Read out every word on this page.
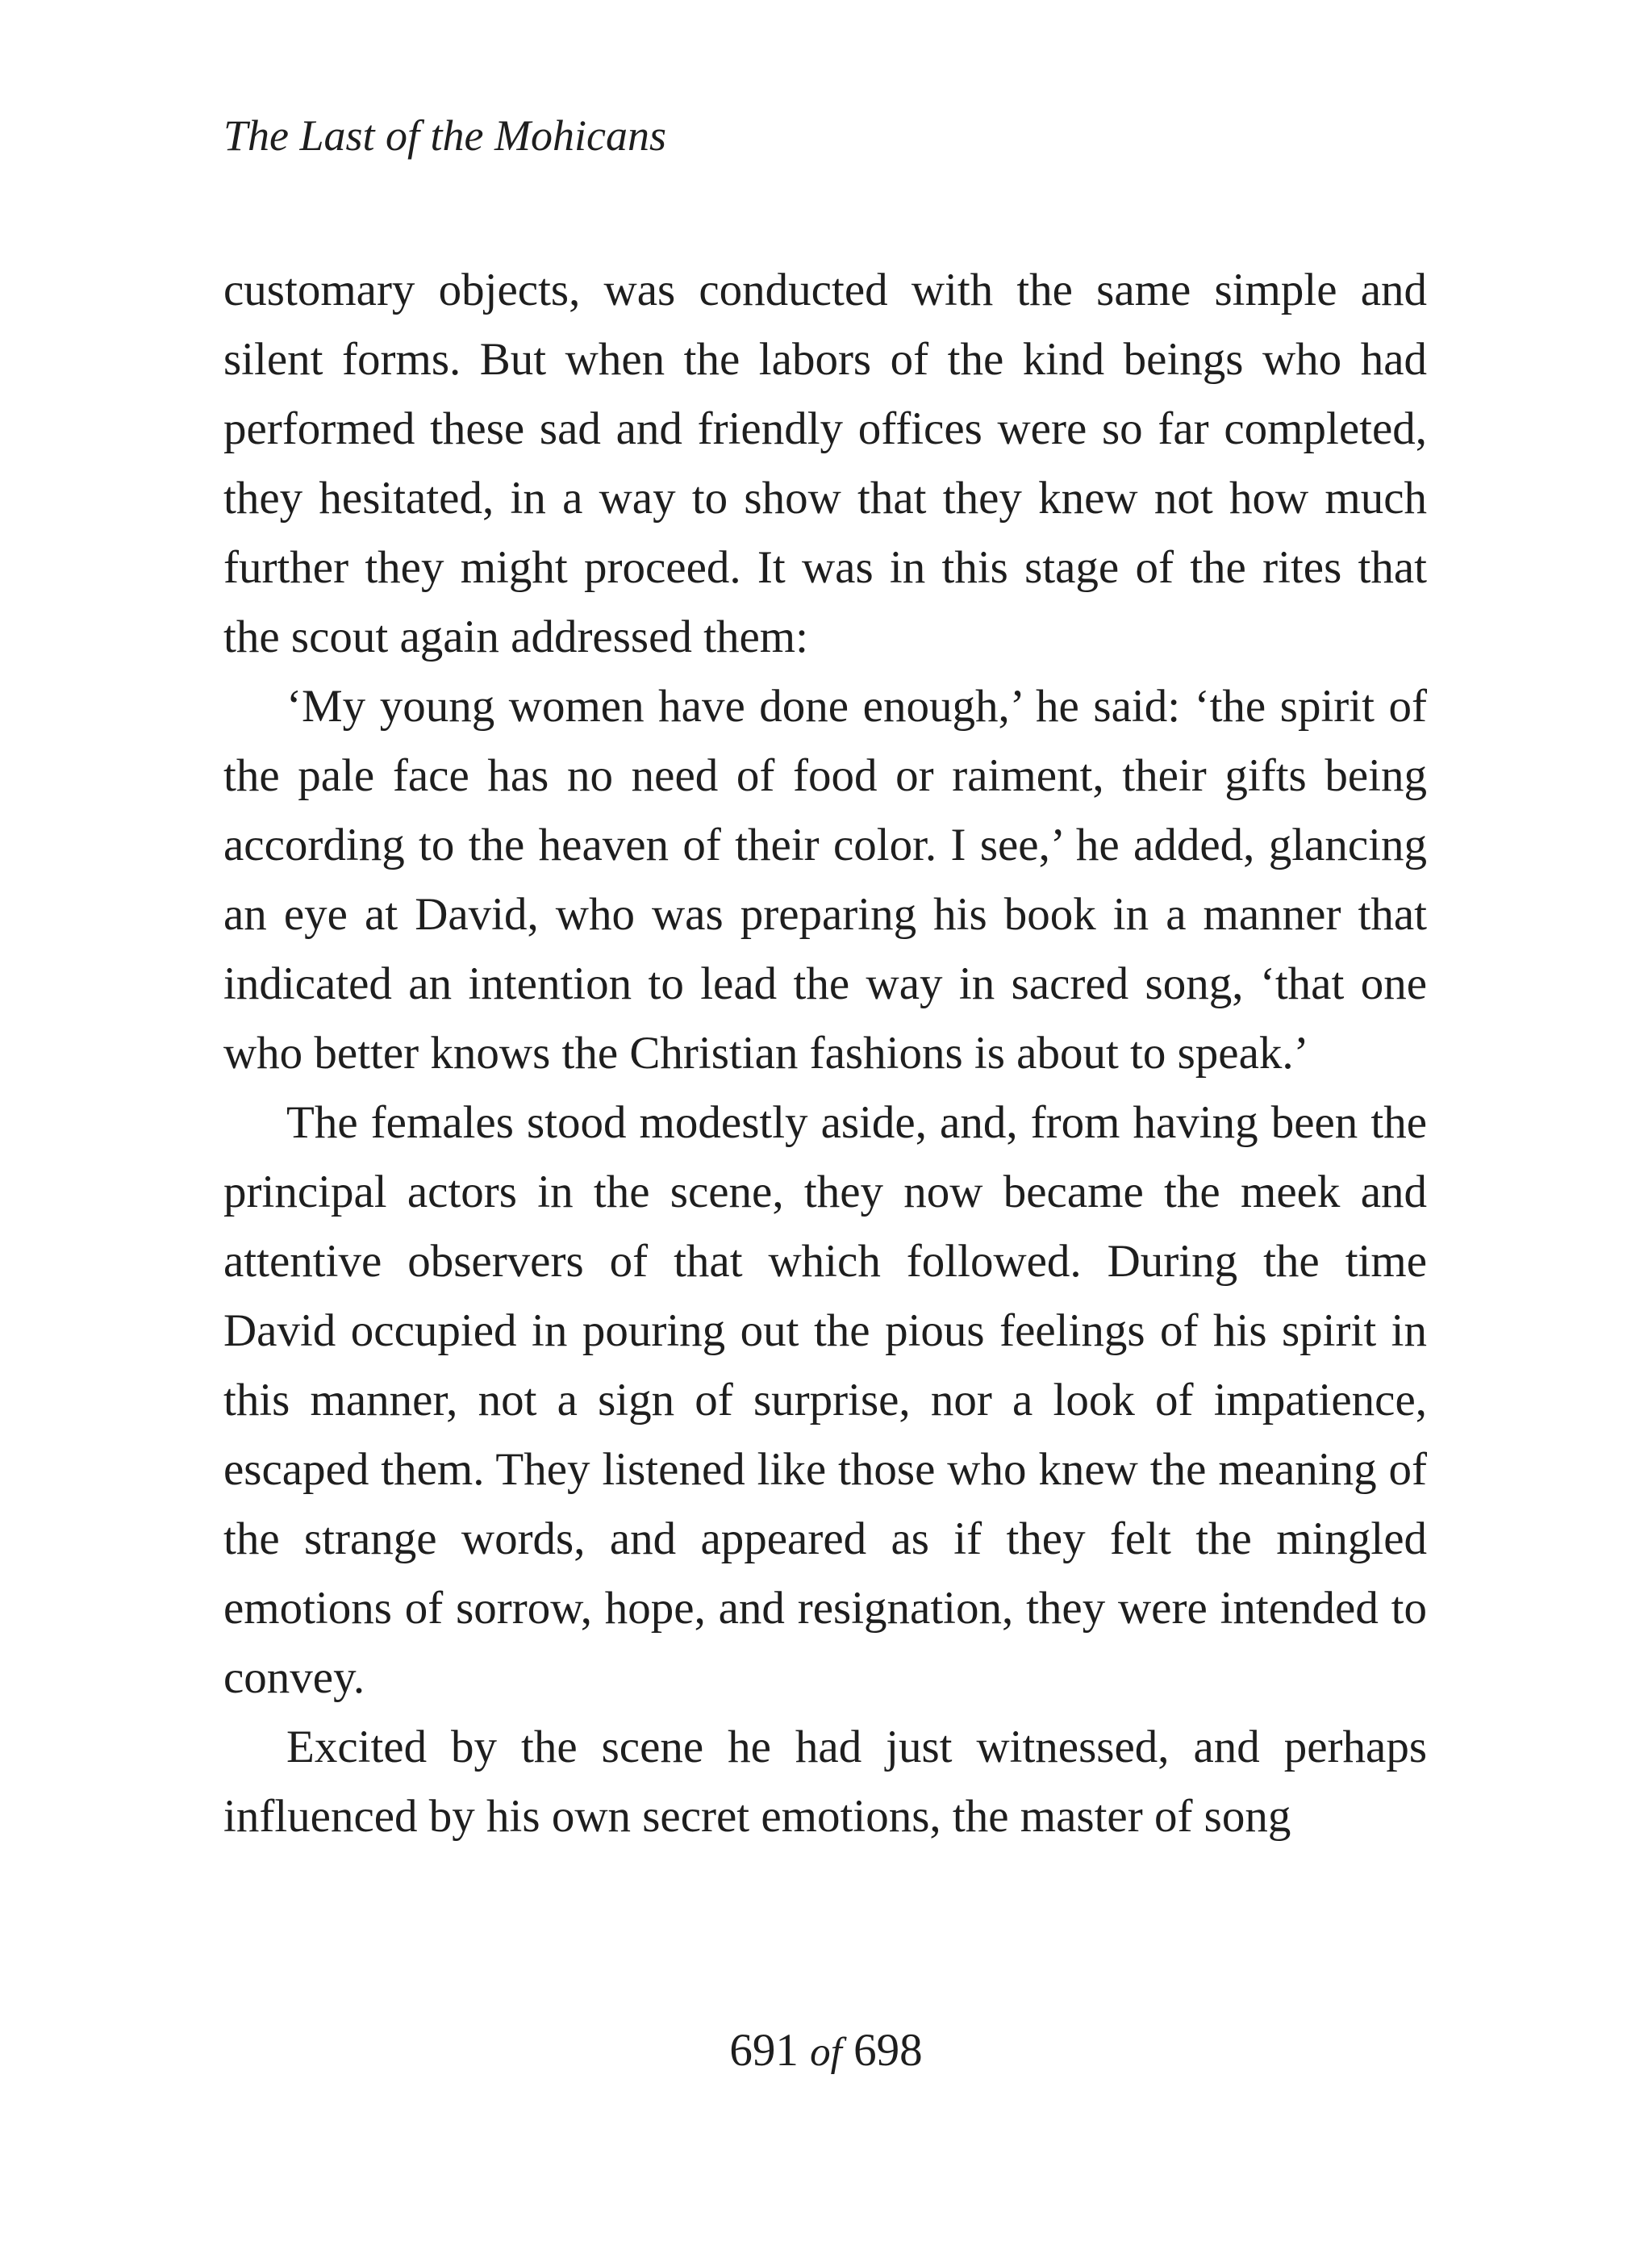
The Last of the Mohicans

customary objects, was conducted with the same simple and silent forms. But when the labors of the kind beings who had performed these sad and friendly offices were so far completed, they hesitated, in a way to show that they knew not how much further they might proceed. It was in this stage of the rites that the scout again addressed them:

‘My young women have done enough,’ he said: ‘the spirit of the pale face has no need of food or raiment, their gifts being according to the heaven of their color. I see,’ he added, glancing an eye at David, who was preparing his book in a manner that indicated an intention to lead the way in sacred song, ‘that one who better knows the Christian fashions is about to speak.’

The females stood modestly aside, and, from having been the principal actors in the scene, they now became the meek and attentive observers of that which followed. During the time David occupied in pouring out the pious feelings of his spirit in this manner, not a sign of surprise, nor a look of impatience, escaped them. They listened like those who knew the meaning of the strange words, and appeared as if they felt the mingled emotions of sorrow, hope, and resignation, they were intended to convey.

Excited by the scene he had just witnessed, and perhaps influenced by his own secret emotions, the master of song

691 of 698
